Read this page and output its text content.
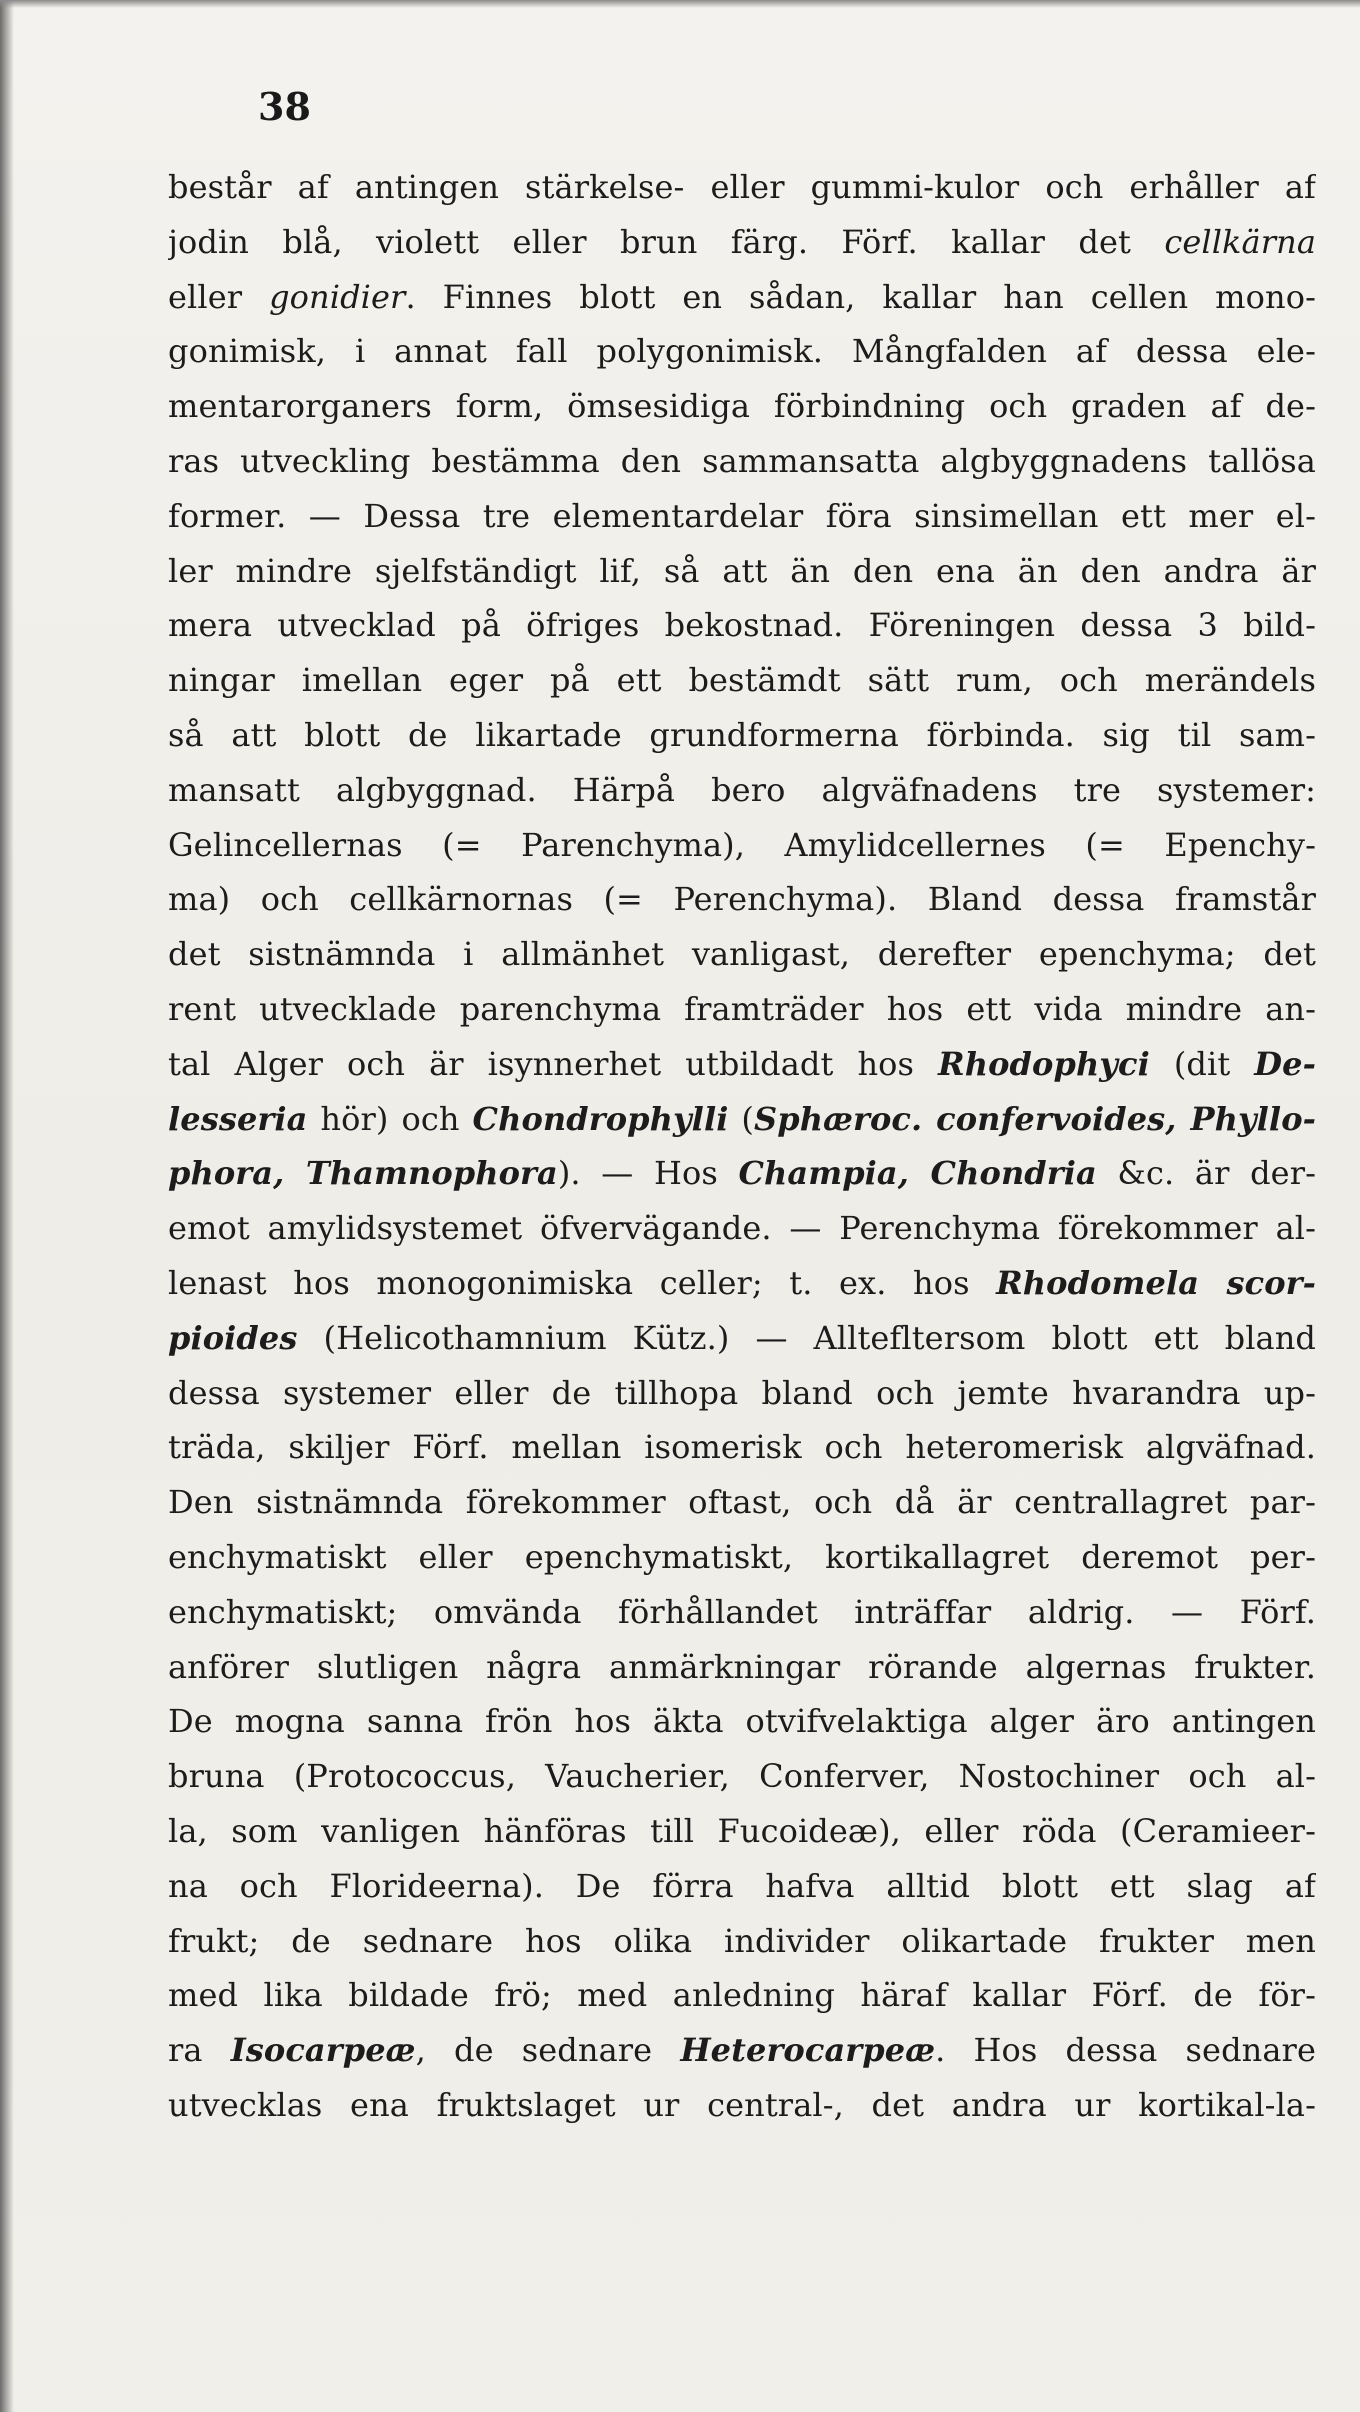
38
består af antingen stärkelse- eller gummi-kulor och erhåller af
jodin blå, violett eller brun färg. Förf. kallar det cellkärna
eller gonidier. Finnes blott en sådan, kallar han cellen mono-
gonimisk, i annat fall polygonimisk. Mångfalden af dessa ele-
mentarorganers form, ömsesidiga förbindning och graden af de-
ras utveckling bestämma den sammansatta algbyggnadens tallösa
former. — Dessa tre elementardelar föra sinsimellan ett mer el-
ler mindre sjelfständigt lif, så att än den ena än den andra är
mera utvecklad på öfriges bekostnad. Föreningen dessa 3 bild-
ningar imellan eger på ett bestämdt sätt rum, och merändels
så att blott de likartade grundformerna förbinda. sig til sam-
mansatt algbyggnad. Härpå bero algväfnadens tre systemer:
Gelincellernas (= Parenchyma), Amylidcellernes (= Epenchy-
ma) och cellkärnornas (= Perenchyma). Bland dessa framstår
det sistnämnda i allmänhet vanligast, derefter epenchyma; det
rent utvecklade parenchyma framträder hos ett vida mindre an-
tal Alger och är isynnerhet utbildadt hos Rhodophyci (dit De-
lesseria hör) och Chondrophylli (Sphæroc. confervoides, Phyllo-
phora, Thamnophora). — Hos Champia, Chondria &c. är der-
emot amylidsystemet öfvervägande. — Perenchyma förekommer al-
lenast hos monogonimiska celler; t. ex. hos Rhodomela scor-
pioides (Helicothamnium Kütz.) — Alltefltersom blott ett bland
dessa systemer eller de tillhopa bland och jemte hvarandra up-
träda, skiljer Förf. mellan isomerisk och heteromerisk algväfnad.
Den sistnämnda förekommer oftast, och då är centrallagret par-
enchymatiskt eller epenchymatiskt, kortikallagret deremot per-
enchymatiskt; omvända förhållandet inträffar aldrig. — Förf.
anförer slutligen några anmärkningar rörande algernas frukter.
De mogna sanna frön hos äkta otvifvelaktiga alger äro antingen
bruna (Protococcus, Vaucherier, Conferver, Nostochiner och al-
la, som vanligen hänföras till Fucoideæ), eller röda (Ceramieer-
na och Florideerna). De förra hafva alltid blott ett slag af
frukt; de sednare hos olika individer olikartade frukter men
med lika bildade frö; med anledning häraf kallar Förf. de för-
ra Isocarpeæ, de sednare Heterocarpeæ. Hos dessa sednare
utvecklas ena fruktslaget ur central-, det andra ur kortikal-la-
